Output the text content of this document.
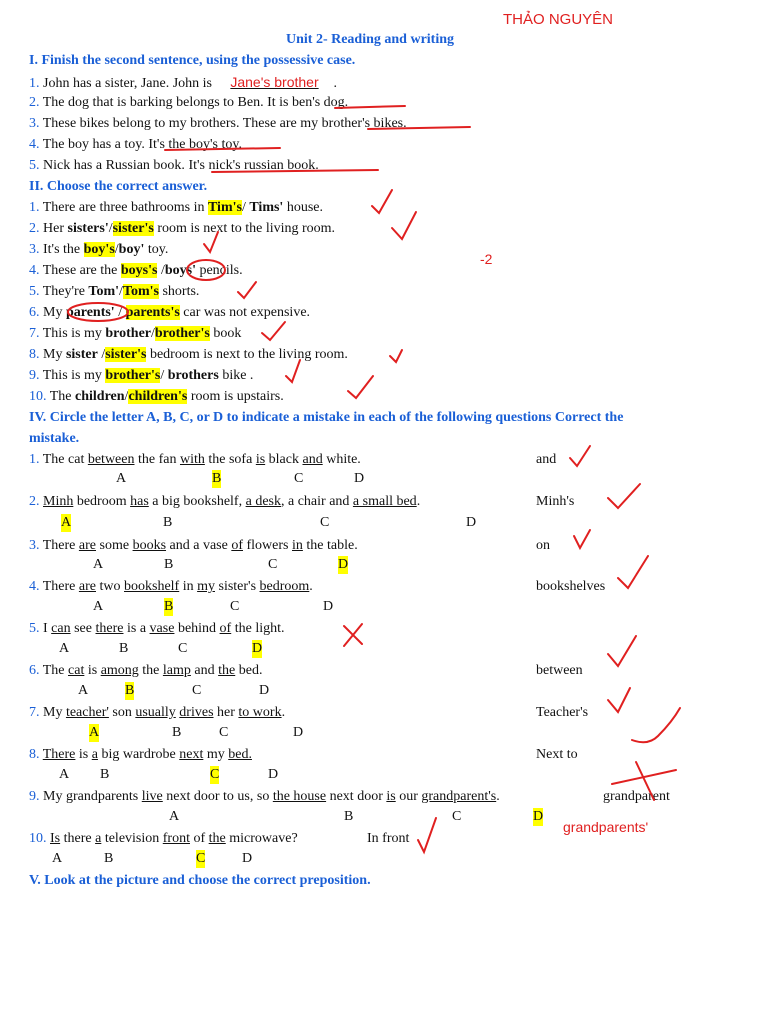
THẢO NGUYÊN
Unit 2- Reading and writing
I. Finish the second sentence, using the possessive case.
1. John has a sister, Jane. John is Jane's brother .
2. The dog that is barking belongs to Ben. It is ben's dog.
3. These bikes belong to my brothers. These are my brother's bikes.
4. The boy has a toy. It's the boy's toy.
5. Nick has a Russian book. It's nick's russian book.
II. Choose the correct answer.
1. There are three bathrooms in Tim's/ Tims' house.
2. Her sisters'/sister's room is next to the living room.
3. It's the boy's/boy' toy.
4. These are the boys's /boys' pencils.
5. They're Tom'/Tom's shorts.
6. My parents' / parents's car was not expensive.
7. This is my brother/brother's book
8. My sister /sister's bedroom is next to the living room.
9. This is my brother's/ brothers bike .
10. The children/children's room is upstairs.
-2
IV. Circle the letter A, B, C, or D to indicate a mistake in each of the following questions Correct the
mistake.
1. The cat between the fan with the sofa is black and white.	and
A	B	C	D
2. Minh bedroom has a big bookshelf, a desk, a chair and a small bed.	Minh's
A	B	C	D
3. There are some books and a vase of flowers in the table.	on
A	B	C	D
4. There are two bookshelf in my sister's bedroom.	bookshelves
A	B	C	D
5. I can see there is a vase behind of the light.
A	B	C	D
6. The cat is among the lamp and the bed.	between
A	B	C	D
7. My teacher' son usually drives her to work.	Teacher's
A	B	C	D
8. There is a big wardrobe next my bed.	Next to
A B	C	D
9. My grandparents live next door to us, so the house next door is our grandparent's.	grandparent
A	B	C	D
grandparents'
10. Is there a television front of the microwave?	In front
A	B	C	D
V. Look at the picture and choose the correct preposition.
